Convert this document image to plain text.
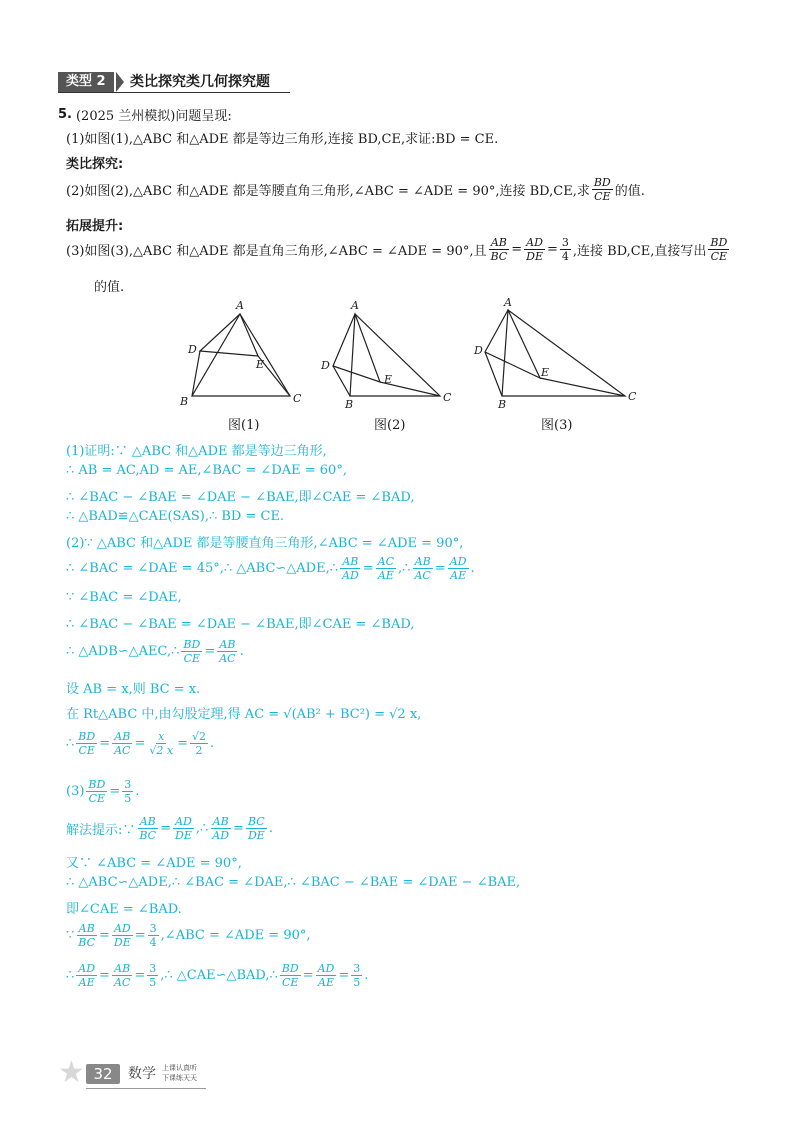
类型 2	类比探究类几何探究题
5. (2025 兰州模拟)问题呈现:
(1)如图(1),△ABC 和△ADE 都是等边三角形,连接 BD,CE,求证:BD = CE.
类比探究:
(2)如图(2),△ABC 和△ADE 都是等腰直角三角形,∠ABC = ∠ADE = 90°,连接 BD,CE,求 $\frac{BD}{CE}$ 的值.
拓展提升:
(3)如图(3),△ABC 和△ADE 都是直角三角形,∠ABC = ∠ADE = 90°,且 $\frac{AB}{BC} = \frac{AD}{DE} = \frac{3}{4}$ ,连接 BD,CE,直接写出 $\frac{BD}{CE}$
的值.
A
B	C
D
E
A
B
C
D
E
A
B
C
D
E
图(1)	图(2)	图(3)
(1)证明:∵ △ABC 和△ADE 都是等边三角形,
∴ AB = AC,AD = AE,∠BAC = ∠DAE = 60°,
∴ ∠BAC − ∠BAE = ∠DAE − ∠BAE,即∠CAE = ∠BAD,
∴ △BAD≌△CAE(SAS),∴ BD = CE.
(2)∵ △ABC 和△ADE 都是等腰直角三角形,∠ABC = ∠ADE = 90°,
∴ ∠BAC = ∠DAE = 45°,∴ △ABC∽△ADE,∴ $\frac{AB}{AD} = \frac{AC}{AE}$ ,∴ $\frac{AB}{AC} = \frac{AD}{AE}$ .
∵ ∠BAC = ∠DAE,
∴ ∠BAC − ∠BAE = ∠DAE − ∠BAE,即∠CAE = ∠BAD,
∴ △ADB∽△AEC,∴ $\frac{BD}{CE} = \frac{AB}{AC}$ .
设 AB = x,则 BC = x.
在 Rt△ABC 中,由勾股定理,得 AC = √(AB² + BC²) = √2 x,
∴ $\frac{BD}{CE} = \frac{AB}{AC} = \frac{x}{√2 x} = \frac{√2}{2}$ .
$(3) \frac{BD}{CE} = \frac{3}{5}$ .
解法提示:∵ $\frac{AB}{BC} = \frac{AD}{DE}$ ,∴ $\frac{AB}{AD} = \frac{BC}{DE}$ .
又∵ ∠ABC = ∠ADE = 90°,
∴ △ABC∽△ADE,∴ ∠BAC = ∠DAE,∴ ∠BAC − ∠BAE = ∠DAE − ∠BAE,
即∠CAE = ∠BAD.
∵ $\frac{AB}{BC} = \frac{AD}{DE} = \frac{3}{4}$ ,∠ABC = ∠ADE = 90°,
∴ $\frac{AD}{AE} = \frac{AB}{AC} = \frac{3}{5}$ ,∴ △CAE∽△BAD,∴ $\frac{BD}{CE} = \frac{AD}{AE} = \frac{3}{5}$ .
★ 32	数学 上课认真听
下课练天天
